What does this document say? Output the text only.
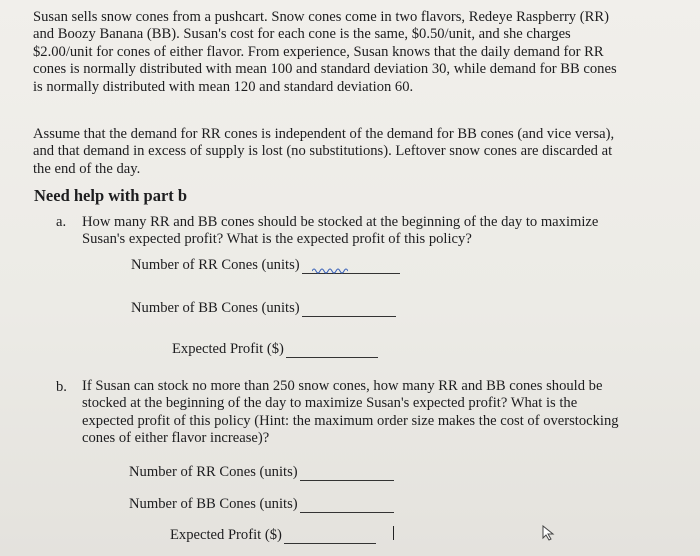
Susan sells snow cones from a pushcart. Snow cones come in two flavors, Redeye Raspberry (RR)
and Boozy Banana (BB). Susan's cost for each cone is the same, $0.50/unit, and she charges
$2.00/unit for cones of either flavor. From experience, Susan knows that the daily demand for RR
cones is normally distributed with mean 100 and standard deviation 30, while demand for BB cones
is normally distributed with mean 120 and standard deviation 60.

Assume that the demand for RR cones is independent of the demand for BB cones (and vice versa),
and that demand in excess of supply is lost (no substitutions). Leftover snow cones are discarded at
the end of the day.

Need help with part b
a. How many RR and BB cones should be stocked at the beginning of the day to maximize
Susan's expected profit? What is the expected profit of this policy?
Number of RR Cones (units)
Number of BB Cones (units)
Expected Profit ($)
b. If Susan can stock no more than 250 snow cones, how many RR and BB cones should be
stocked at the beginning of the day to maximize Susan's expected profit? What is the
expected profit of this policy (Hint: the maximum order size makes the cost of overstocking
cones of either flavor increase)?
Number of RR Cones (units)
Number of BB Cones (units)
Expected Profit ($)
